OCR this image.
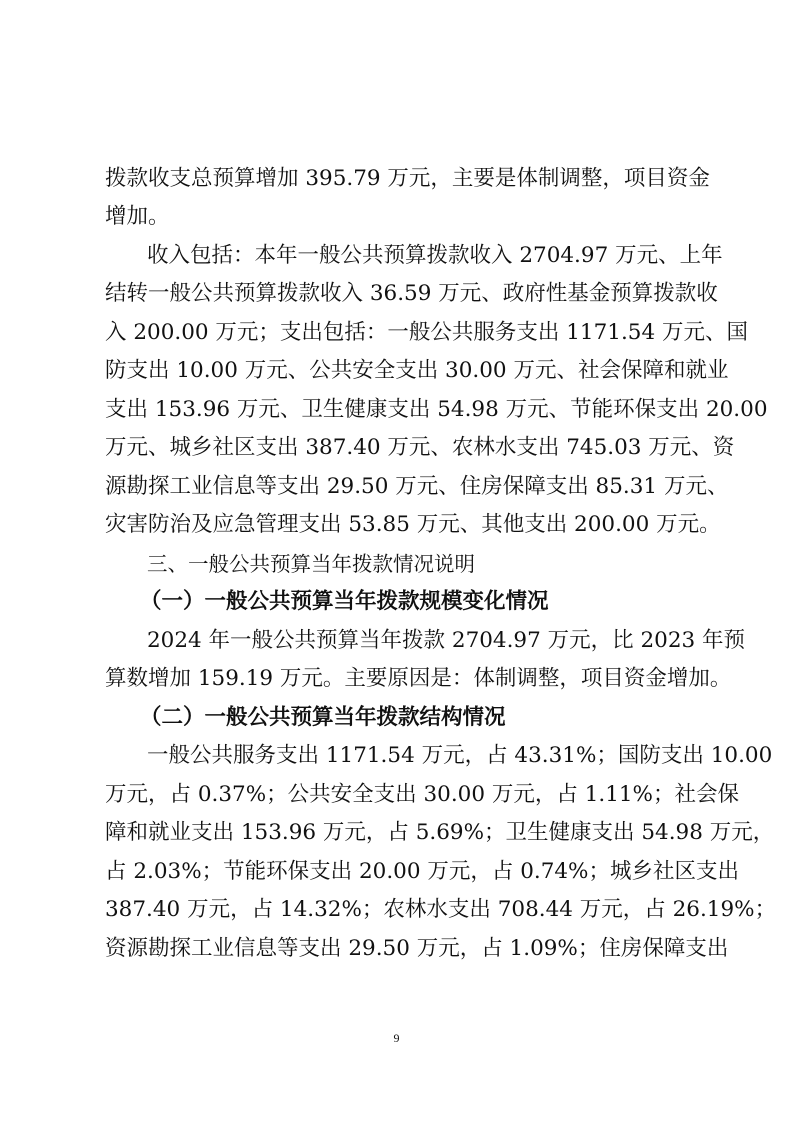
拨款收支总预算增加 395.79 万元，主要是体制调整，项目资金
增加。
收入包括：本年一般公共预算拨款收入 2704.97 万元、上年
结转一般公共预算拨款收入 36.59 万元、政府性基金预算拨款收
入 200.00 万元；支出包括：一般公共服务支出 1171.54 万元、国
防支出 10.00 万元、公共安全支出 30.00 万元、社会保障和就业
支出 153.96 万元、卫生健康支出 54.98 万元、节能环保支出 20.00
万元、城乡社区支出 387.40 万元、农林水支出 745.03 万元、资
源勘探工业信息等支出 29.50 万元、住房保障支出 85.31 万元、
灾害防治及应急管理支出 53.85 万元、其他支出 200.00 万元。
三、一般公共预算当年拨款情况说明
（一）一般公共预算当年拨款规模变化情况
2024 年一般公共预算当年拨款 2704.97 万元，比 2023 年预
算数增加 159.19 万元。主要原因是：体制调整，项目资金增加。
（二）一般公共预算当年拨款结构情况
一般公共服务支出 1171.54 万元，占 43.31%；国防支出 10.00
万元，占 0.37%；公共安全支出 30.00 万元，占 1.11%；社会保
障和就业支出 153.96 万元，占 5.69%；卫生健康支出 54.98 万元，
占 2.03%；节能环保支出 20.00 万元，占 0.74%；城乡社区支出
387.40 万元，占 14.32%；农林水支出 708.44 万元，占 26.19%；
资源勘探工业信息等支出 29.50 万元，占 1.09%；住房保障支出
9
